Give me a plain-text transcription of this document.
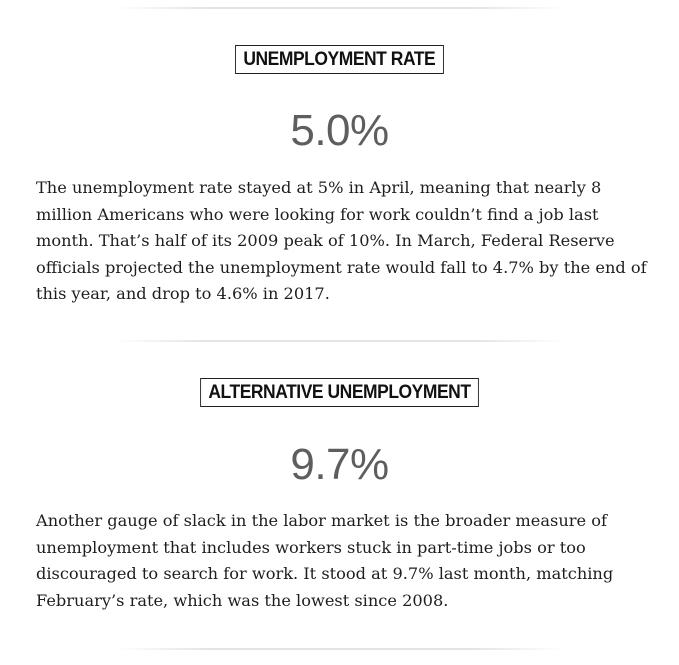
UNEMPLOYMENT RATE
5.0%

The unemployment rate stayed at 5% in April, meaning that nearly 8 million Americans who were looking for work couldn’t find a job last month. That’s half of its 2009 peak of 10%. In March, Federal Reserve officials projected the unemployment rate would fall to 4.7% by the end of this year, and drop to 4.6% in 2017.

ALTERNATIVE UNEMPLOYMENT
9.7%

Another gauge of slack in the labor market is the broader measure of unemployment that includes workers stuck in part-time jobs or too discouraged to search for work. It stood at 9.7% last month, matching February’s rate, which was the lowest since 2008.
